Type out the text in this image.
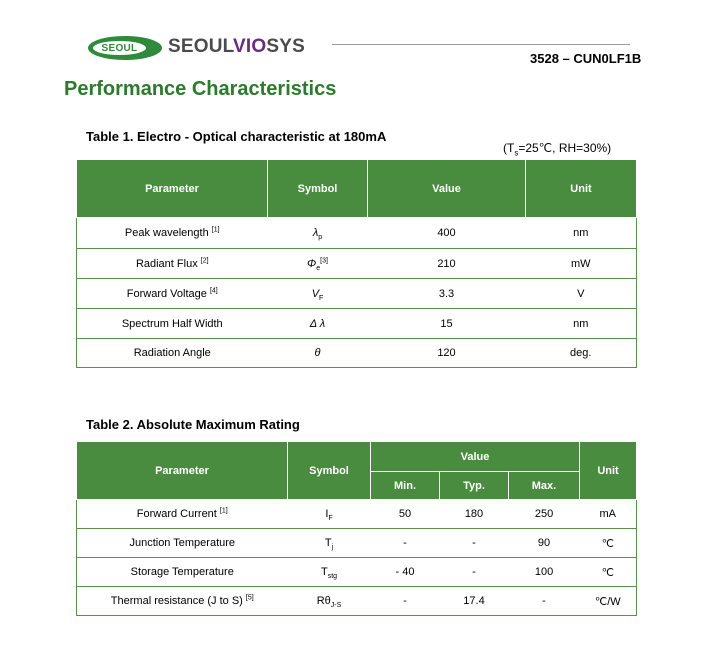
SEOUL SEOULVIOSYS
3528 – CUN0LF1B
Performance Characteristics
Table 1. Electro - Optical characteristic at 180mA
($T_s=25℃$, RH=30%)
Parameter	Symbol	Value	Unit
Peak wavelength [1]	$\lambda_p$	400	nm
Radiant Flux [2]	$\Phi_e[3]$	210	mW
Forward Voltage [4]	$V_F$	3.3	V
Spectrum Half Width	Δ λ	15	nm
Radiation Angle	θ	120	deg.
Table 2. Absolute Maximum Rating
Parameter	Symbol	Value			Unit
		Min.	Typ.	Max.	
Forward Current [1]	$I_F$	50	180	250	mA
Junction Temperature	$T_j$	-	-	90	℃
Storage Temperature	$T_{stg}$	- 40	-	100	℃
Thermal resistance (J to S) [5]	$R\theta_{J-S}$	-	17.4	-	℃/W
